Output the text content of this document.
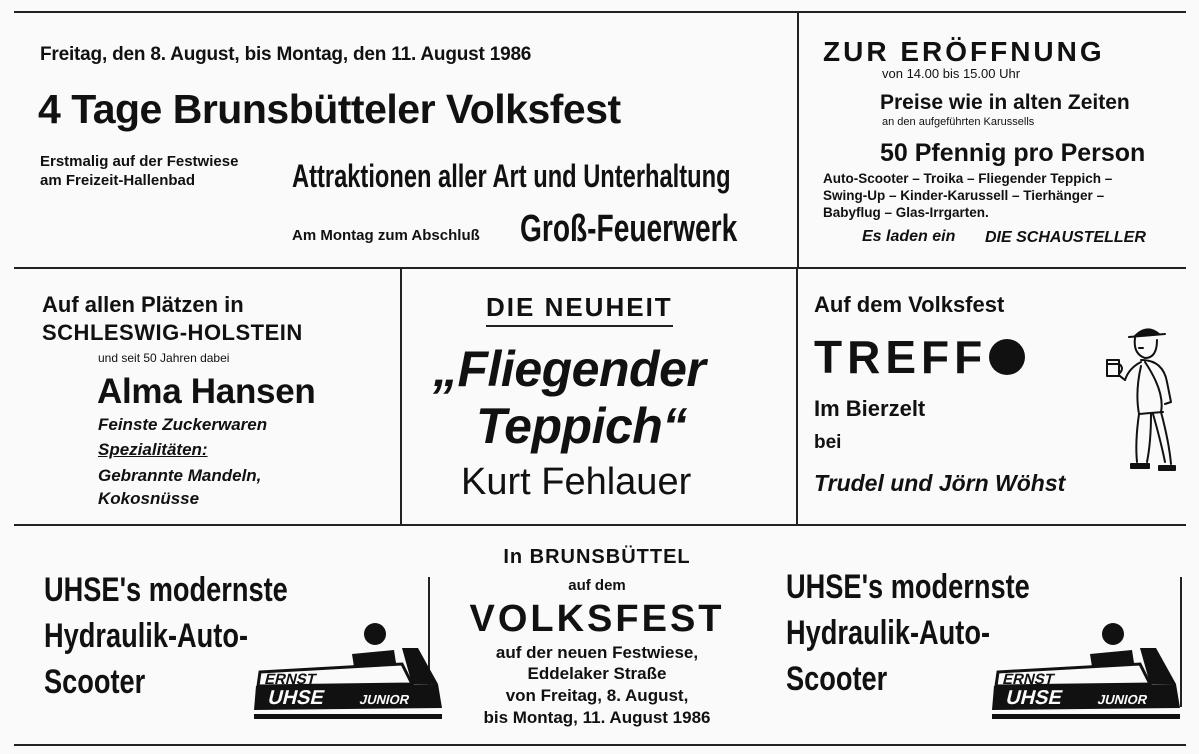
Freitag, den 8. August, bis Montag, den 11. August 1986
4 Tage Brunsbütteler Volksfest
Erstmalig auf der Festwiese
am Freizeit-Hallenbad	Attraktionen aller Art und Unterhaltung
Am Montag zum Abschluß Groß-Feuerwerk
ZUR ERÖFFNUNG
von 14.00 bis 15.00 Uhr
Preise wie in alten Zeiten
an den aufgeführten Karussells
50 Pfennig pro Person
Auto-Scooter – Troika – Fliegender Teppich –
Swing-Up – Kinder-Karussell – Tierhänger –
Babyflug – Glas-Irrgarten.
Es laden ein DIE SCHAUSTELLER
Auf allen Plätzen in
SCHLESWIG-HOLSTEIN
und seit 50 Jahren dabei
Alma Hansen
Feinste Zuckerwaren
Spezialitäten:
Gebrannte Mandeln,
Kokosnüsse
DIE NEUHEIT
„Fliegender
Teppich“
Kurt Fehlauer
Auf dem Volksfest
TREFF
Im Bierzelt
bei
Trudel und Jörn Wöhst
UHSE's modernste
Hydraulik-Auto-
Scooter	ERNST
UHSE JUNIOR
In BRUNSBÜTTEL
auf dem
VOLKSFEST
auf der neuen Festwiese,
Eddelaker Straße
von Freitag, 8. August,
bis Montag, 11. August 1986
UHSE's modernste
Hydraulik-Auto-
Scooter	ERNST
UHSE JUNIOR
